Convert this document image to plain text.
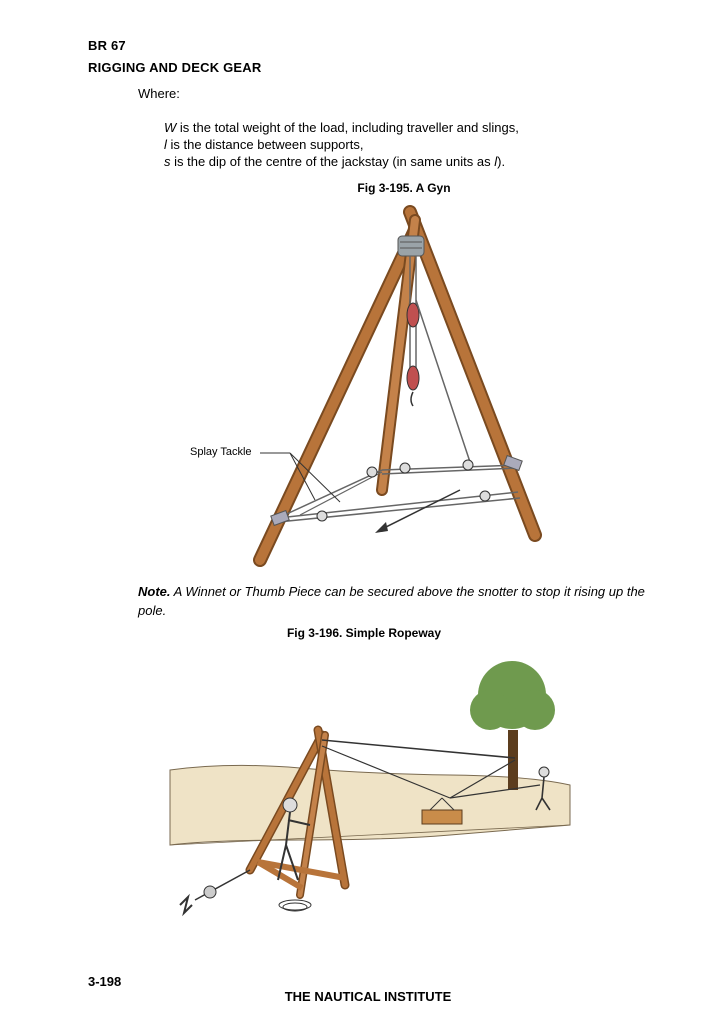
BR 67
RIGGING AND DECK GEAR
Where:
W is the total weight of the load, including traveller and slings,
l is the distance between supports,
s is the dip of the centre of the jackstay (in same units as l).
Fig 3-195. A Gyn
Splay Tackle
Note. A Winnet or Thumb Piece can be secured above the snotter to stop it rising up the pole.
Fig 3-196. Simple Ropeway
3-198
THE NAUTICAL INSTITUTE
